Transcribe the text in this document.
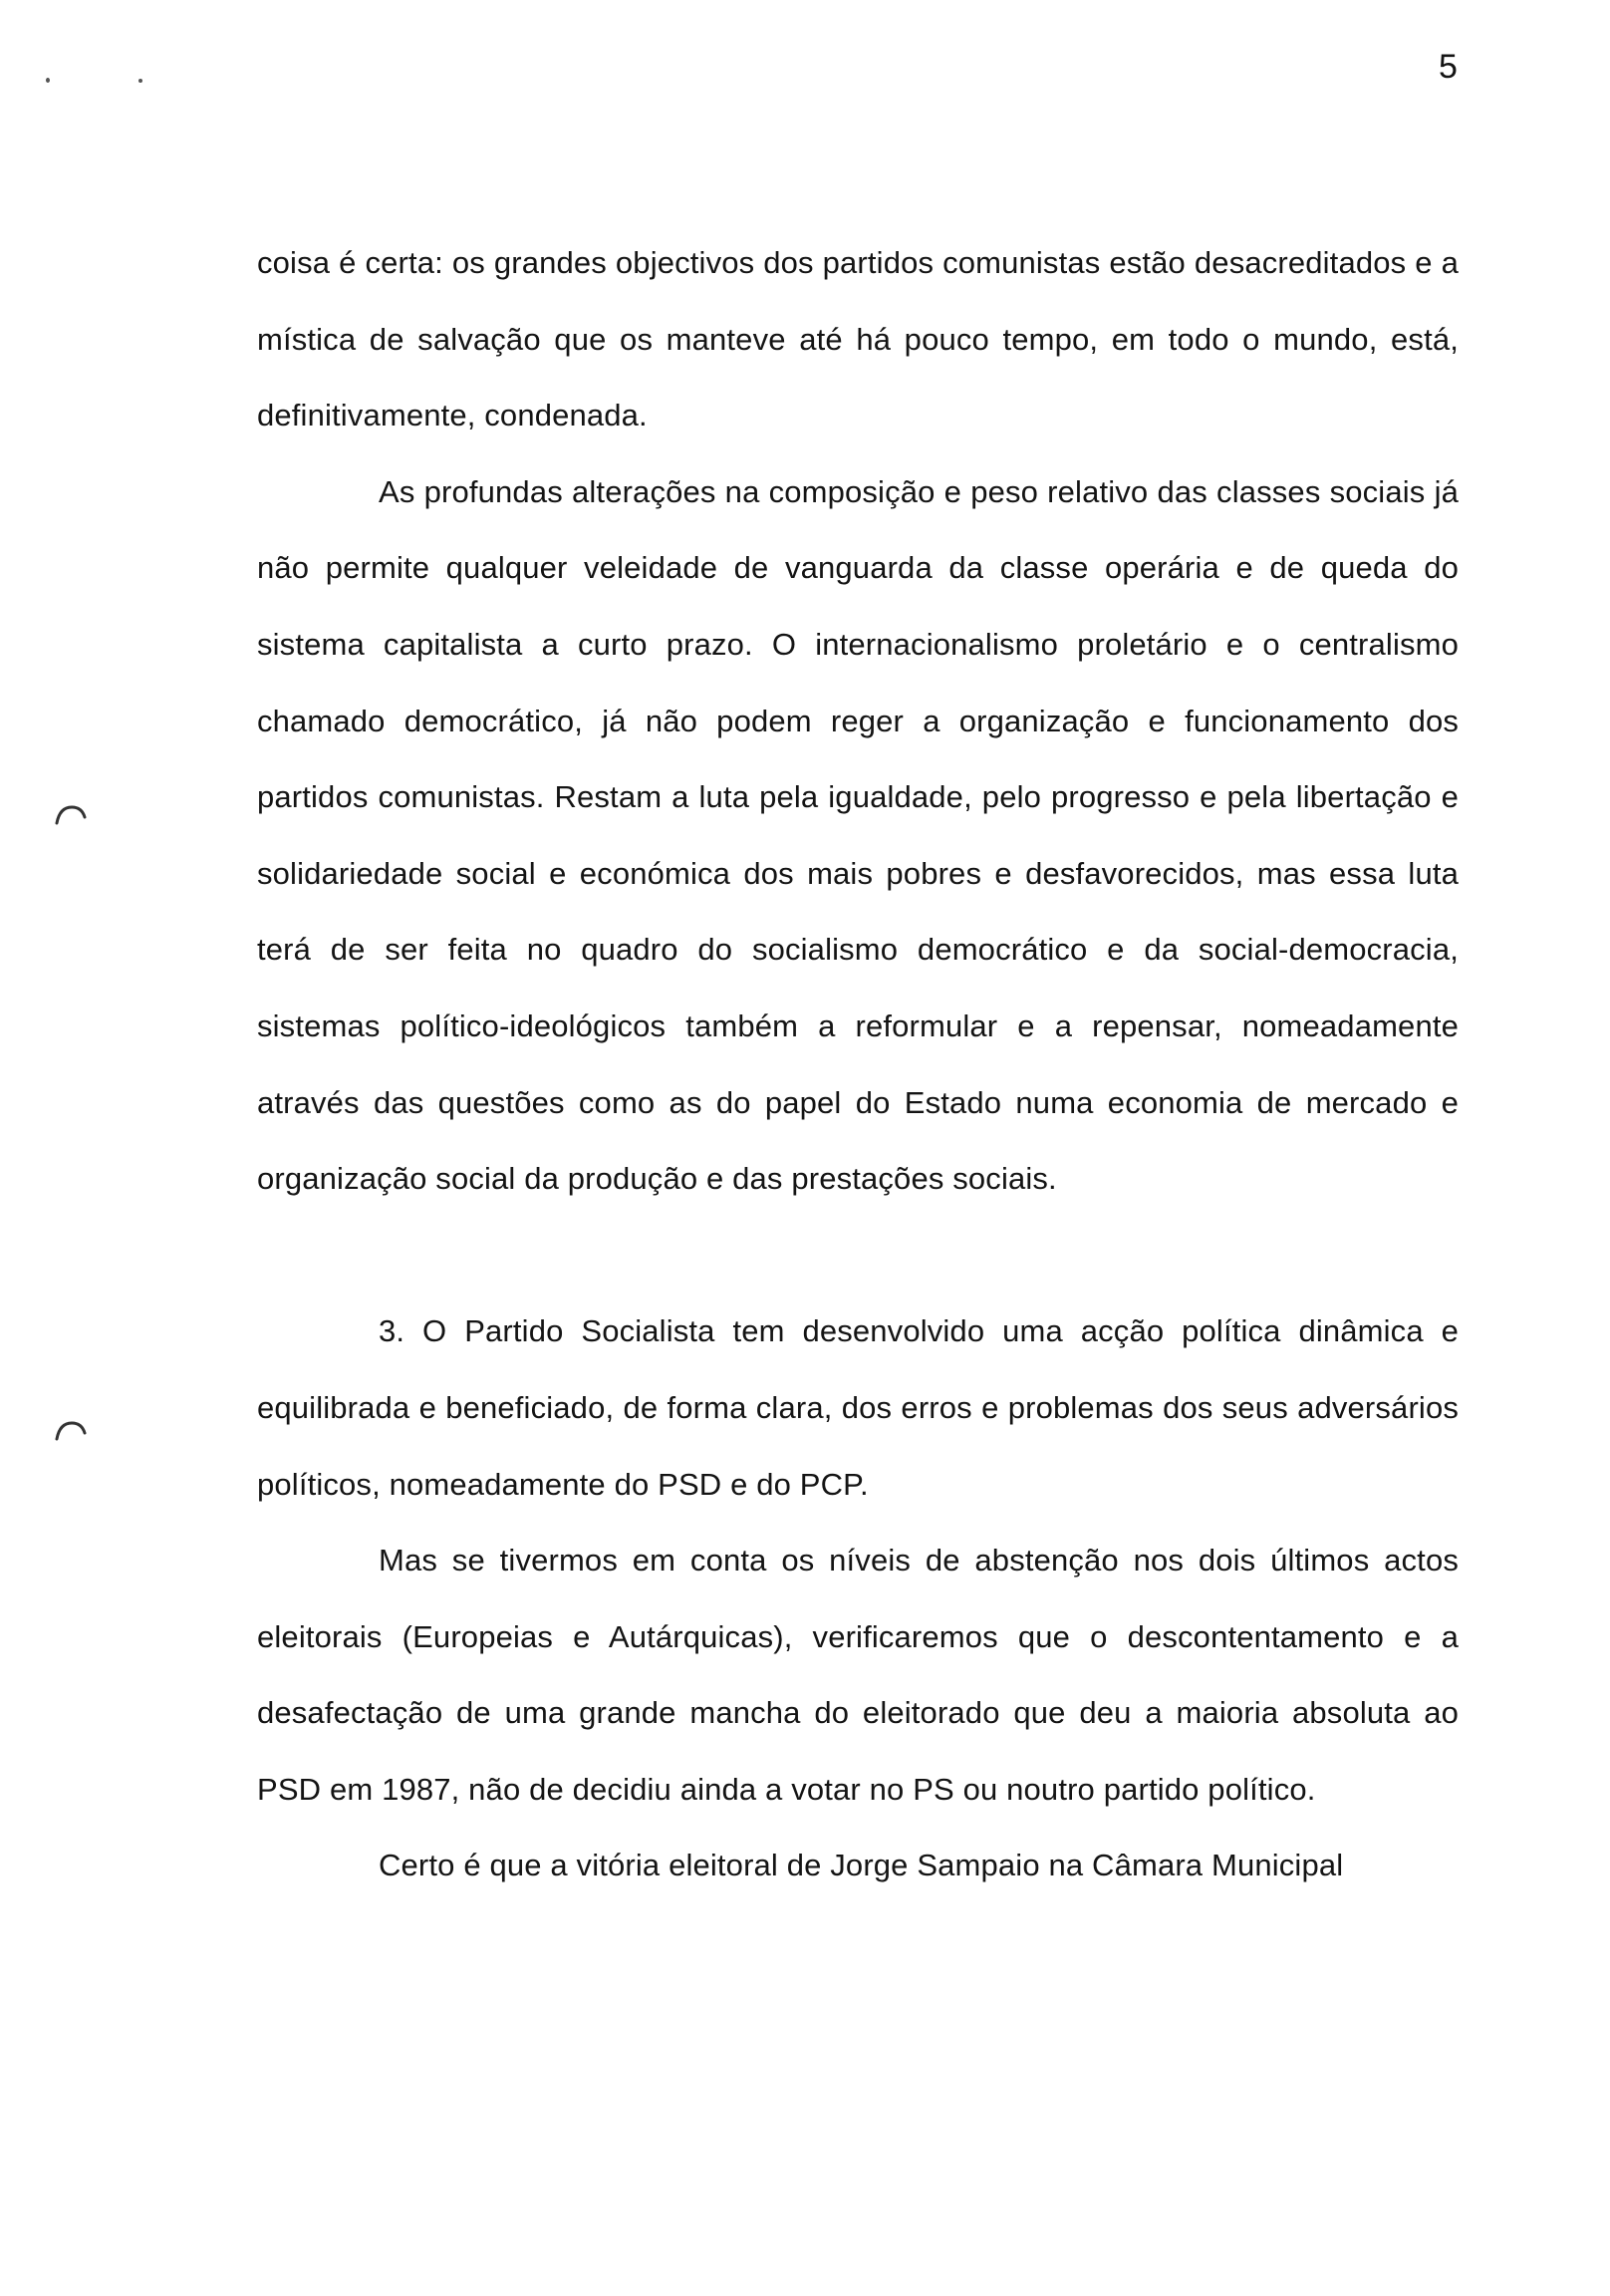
5

coisa é certa: os grandes objectivos dos partidos comunistas estão desacreditados e a mística de salvação que os manteve até há pouco tempo, em todo o mundo, está, definitivamente, condenada.

As profundas alterações na composição e peso relativo das classes sociais já não permite qualquer veleidade de vanguarda da classe operária e de queda do sistema capitalista a curto prazo. O internacionalismo proletário e o centralismo chamado democrático, já não podem reger a organização e funcionamento dos partidos comunistas. Restam a luta pela igualdade, pelo progresso e pela libertação e solidariedade social e económica dos mais pobres e desfavorecidos, mas essa luta terá de ser feita no quadro do socialismo democrático e da social-democracia, sistemas político-ideológicos também a reformular e a repensar, nomeadamente através das questões como as do papel do Estado numa economia de mercado e organização social da produção e das prestações sociais.

3. O Partido Socialista tem desenvolvido uma acção política dinâmica e equilibrada e beneficiado, de forma clara, dos erros e problemas dos seus adversários políticos, nomeadamente do PSD e do PCP.

Mas se tivermos em conta os níveis de abstenção nos dois últimos actos eleitorais (Europeias e Autárquicas), verificaremos que o descontentamento e a desafectação de uma grande mancha do eleitorado que deu a maioria absoluta ao PSD em 1987, não de decidiu ainda a votar no PS ou noutro partido político.

Certo é que a vitória eleitoral de Jorge Sampaio na Câmara Municipal
